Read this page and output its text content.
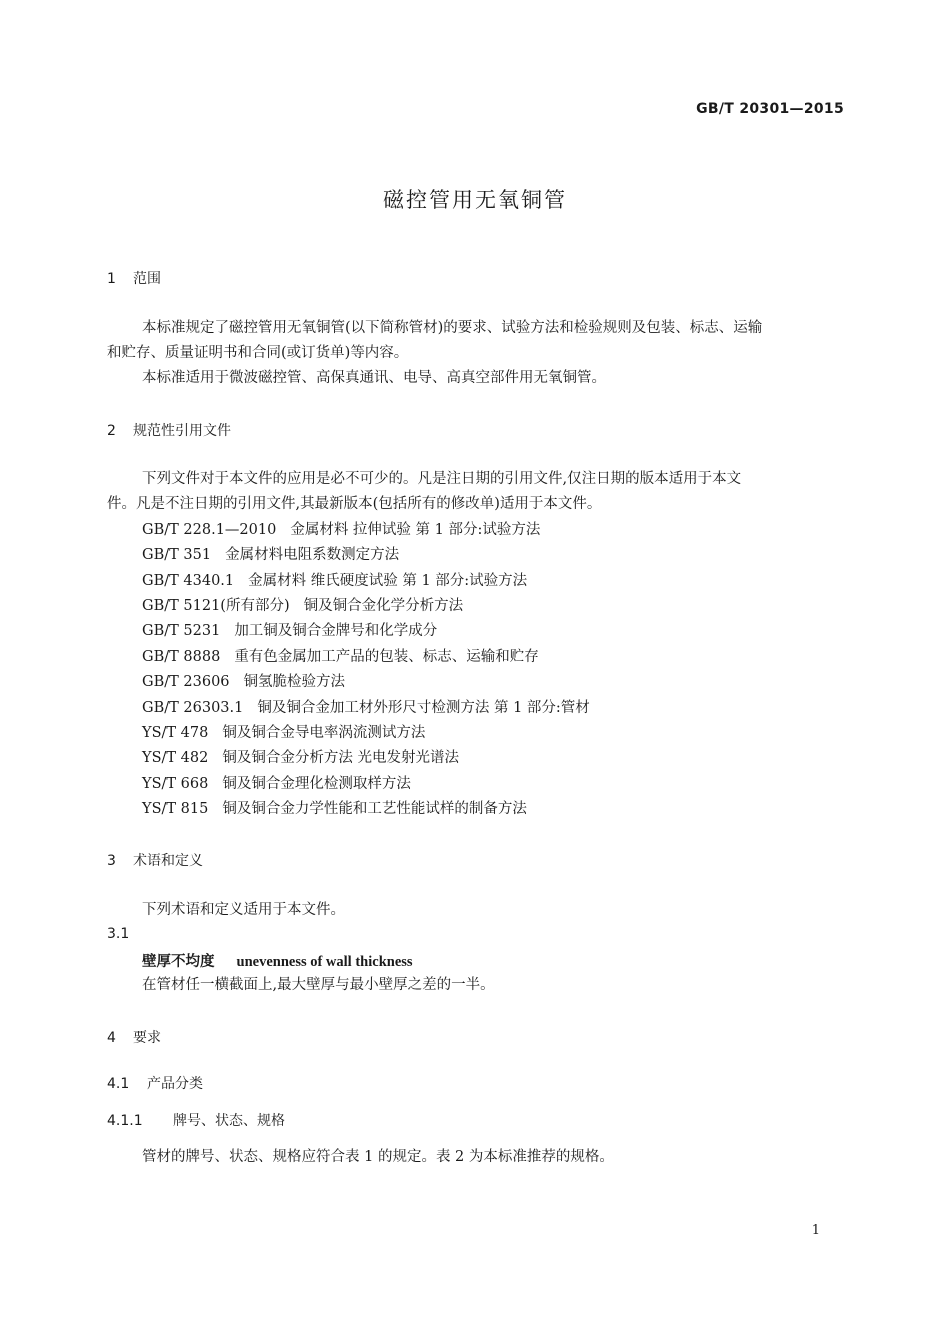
GB/T 20301—2015
磁控管用无氧铜管
1 范围
本标准规定了磁控管用无氧铜管(以下简称管材)的要求、试验方法和检验规则及包装、标志、运输
和贮存、质量证明书和合同(或订货单)等内容。
本标准适用于微波磁控管、高保真通讯、电导、高真空部件用无氧铜管。
2 规范性引用文件
下列文件对于本文件的应用是必不可少的。凡是注日期的引用文件,仅注日期的版本适用于本文
件。凡是不注日期的引用文件,其最新版本(包括所有的修改单)适用于本文件。
GB/T 228.1—2010 金属材料 拉伸试验 第 1 部分:试验方法
GB/T 351 金属材料电阻系数测定方法
GB/T 4340.1 金属材料 维氏硬度试验 第 1 部分:试验方法
GB/T 5121(所有部分) 铜及铜合金化学分析方法
GB/T 5231 加工铜及铜合金牌号和化学成分
GB/T 8888 重有色金属加工产品的包装、标志、运输和贮存
GB/T 23606 铜氢脆检验方法
GB/T 26303.1 铜及铜合金加工材外形尺寸检测方法 第 1 部分:管材
YS/T 478 铜及铜合金导电率涡流测试方法
YS/T 482 铜及铜合金分析方法 光电发射光谱法
YS/T 668 铜及铜合金理化检测取样方法
YS/T 815 铜及铜合金力学性能和工艺性能试样的制备方法
3 术语和定义
下列术语和定义适用于本文件。
3.1
壁厚不均度 unevenness of wall thickness
在管材任一横截面上,最大壁厚与最小壁厚之差的一半。
4 要求
4.1 产品分类
4.1.1 牌号、状态、规格
管材的牌号、状态、规格应符合表 1 的规定。表 2 为本标准推荐的规格。
1
